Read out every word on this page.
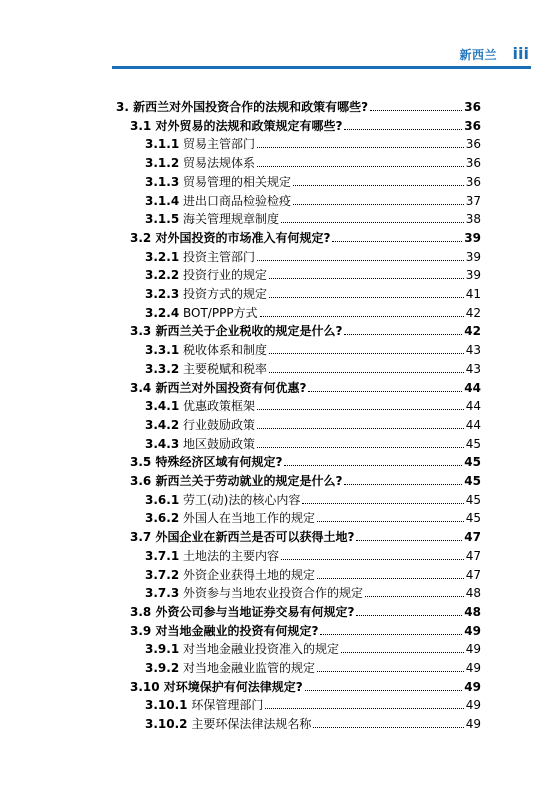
新西兰 iii
3. 新西兰对外国投资合作的法规和政策有哪些?	36
3.1 对外贸易的法规和政策规定有哪些?	36
3.1.1 贸易主管部门	36
3.1.2 贸易法规体系	36
3.1.3 贸易管理的相关规定	36
3.1.4 进出口商品检验检疫	37
3.1.5 海关管理规章制度	38
3.2 对外国投资的市场准入有何规定?	39
3.2.1 投资主管部门	39
3.2.2 投资行业的规定	39
3.2.3 投资方式的规定	41
3.2.4 BOT/PPP方式	42
3.3 新西兰关于企业税收的规定是什么?	42
3.3.1 税收体系和制度	43
3.3.2 主要税赋和税率	43
3.4 新西兰对外国投资有何优惠?	44
3.4.1 优惠政策框架	44
3.4.2 行业鼓励政策	44
3.4.3 地区鼓励政策	45
3.5 特殊经济区域有何规定?	45
3.6 新西兰关于劳动就业的规定是什么?	45
3.6.1 劳工(动)法的核心内容	45
3.6.2 外国人在当地工作的规定	45
3.7 外国企业在新西兰是否可以获得土地?	47
3.7.1 土地法的主要内容	47
3.7.2 外资企业获得土地的规定	47
3.7.3 外资参与当地农业投资合作的规定	48
3.8 外资公司参与当地证券交易有何规定?	48
3.9 对当地金融业的投资有何规定?	49
3.9.1 对当地金融业投资准入的规定	49
3.9.2 对当地金融业监管的规定	49
3.10 对环境保护有何法律规定?	49
3.10.1 环保管理部门	49
3.10.2 主要环保法律法规名称	49
